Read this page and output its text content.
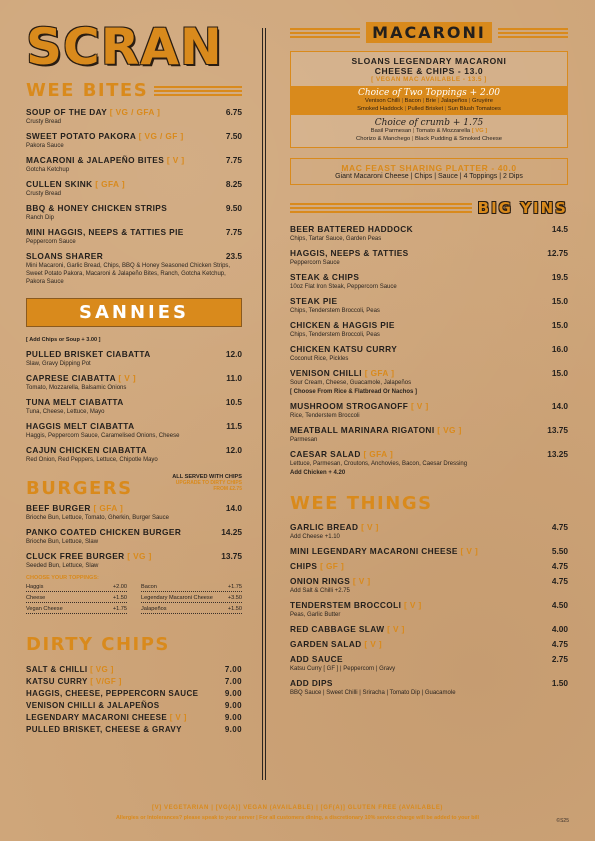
SCRAN
WEE BITES
SOUP OF THE DAY [ VG / GFA ]	6.75
Crusty Bread
SWEET POTATO PAKORA [ VG / GF ]	7.50
Pakora Sauce
MACARONI & JALAPEÑO BITES [ V ]	7.75
Gotcha Ketchup
CULLEN SKINK [ GFA ]	8.25
Crusty Bread
BBQ & HONEY CHICKEN STRIPS	9.50
Ranch Dip
MINI HAGGIS, NEEPS & TATTIES PIE	7.75
Peppercorn Sauce
SLOANS SHARER	23.5
Mini Macaroni, Garlic Bread, Chips, BBQ & Honey Seasoned Chicken Strips, Sweet Potato Pakora, Macaroni & Jalapeño Bites, Ranch, Gotcha Ketchup, Pakora Sauce
SANNIES
[ Add Chips or Soup + 3.00 ]
PULLED BRISKET CIABATTA	12.0
Slaw, Gravy Dipping Pot
CAPRESE CIABATTA [ V ]	11.0
Tomato, Mozzarella, Balsamic Onions
TUNA MELT CIABATTA	10.5
Tuna, Cheese, Lettuce, Mayo
HAGGIS MELT CIABATTA	11.5
Haggis, Peppercorn Sauce, Caramelised Onions, Cheese
CAJUN CHICKEN CIABATTA	12.0
Red Onion, Red Peppers, Lettuce, Chipotle Mayo
BURGERS
ALL SERVED WITH CHIPS
UPGRADE TO DIRTY CHIPS FROM £2.75
BEEF BURGER [ GFA ]	14.0
Brioche Bun, Lettuce, Tomato, Gherkin, Burger Sauce
PANKO COATED CHICKEN BURGER	14.25
Brioche Bun, Lettuce, Slaw
CLUCK FREE BURGER [ VG ]	13.75
Seeded Bun, Lettuce, Slaw
CHOOSE YOUR TOPPINGS:
Haggis	+2.00	Bacon	+1.75
Cheese	+1.50	Legendary Macaroni Cheese	+3.50
Vegan Cheese	+1.75	Jalapeños	+1.50
DIRTY CHIPS
SALT & CHILLI [ VG ]	7.00
KATSU CURRY [ V/GF ]	7.00
HAGGIS, CHEESE, PEPPERCORN SAUCE	9.00
VENISON CHILLI & JALAPEÑOS	9.00
LEGENDARY MACARONI CHEESE [ V ]	9.00
PULLED BRISKET, CHEESE & GRAVY	9.00
MACARONI
SLOANS LEGENDARY MACARONI
CHEESE & CHIPS - 13.0
[ VEGAN MAC AVAILABLE - 13.5 ]
Choice of Two Toppings + 2.00
Venison Chilli | Bacon | Brie | Jalapeños | Gruyère
Smoked Haddock | Pulled Brisket | Sun Blush Tomatoes
Choice of crumb + 1.75
Basil Parmesan | Tomato & Mozzarella [ VG ]
Chorizo & Manchego | Black Pudding & Smoked Cheese
MAC FEAST SHARING PLATTER - 40.0
Giant Macaroni Cheese | Chips | Sauce | 4 Toppings | 2 Dips
BIG YINS
BEER BATTERED HADDOCK	14.5
Chips, Tartar Sauce, Garden Peas
HAGGIS, NEEPS & TATTIES	12.75
Peppercorn Sauce
STEAK & CHIPS	19.5
10oz Flat Iron Steak, Peppercorn Sauce
STEAK PIE	15.0
Chips, Tenderstem Broccoli, Peas
CHICKEN & HAGGIS PIE	15.0
Chips, Tenderstem Broccoli, Peas
CHICKEN KATSU CURRY	16.0
Coconut Rice, Pickles
VENISON CHILLI [ GFA ]	15.0
Sour Cream, Cheese, Guacamole, Jalapeños
[ Choose From Rice & Flatbread Or Nachos ]
MUSHROOM STROGANOFF [ V ]	14.0
Rice, Tenderstem Broccoli
MEATBALL MARINARA RIGATONI [ VG ]	13.75
Parmesan
CAESAR SALAD [ GFA ]	13.25
Lettuce, Parmesan, Croutons, Anchovies, Bacon, Caesar Dressing
Add Chicken + 4.20
WEE THINGS
GARLIC BREAD [ V ]	4.75
Add Cheese +1.10
MINI LEGENDARY MACARONI CHEESE [ V ]	5.50
CHIPS [ GF ]	4.75
ONION RINGS [ V ]	4.75
Add Salt & Chilli +2.75
TENDERSTEM BROCCOLI [ V ]	4.50
Peas, Garlic Butter
RED CABBAGE SLAW [ V ]	4.00
GARDEN SALAD [ V ]	4.75
ADD SAUCE	2.75
Katsu Curry [ GF ] | Peppercorn | Gravy
ADD DIPS	1.50
BBQ Sauce | Sweet Chilli | Sriracha | Tomato Dip | Guacamole
[V] VEGETARIAN | [VG(A)] VEGAN (AVAILABLE) | [GF(A)] GLUTEN FREE (AVAILABLE)
Allergies or Intolerances? please speak to your server | For all customers dining, a discretionary 10% service charge will be added to your bill	©S25
